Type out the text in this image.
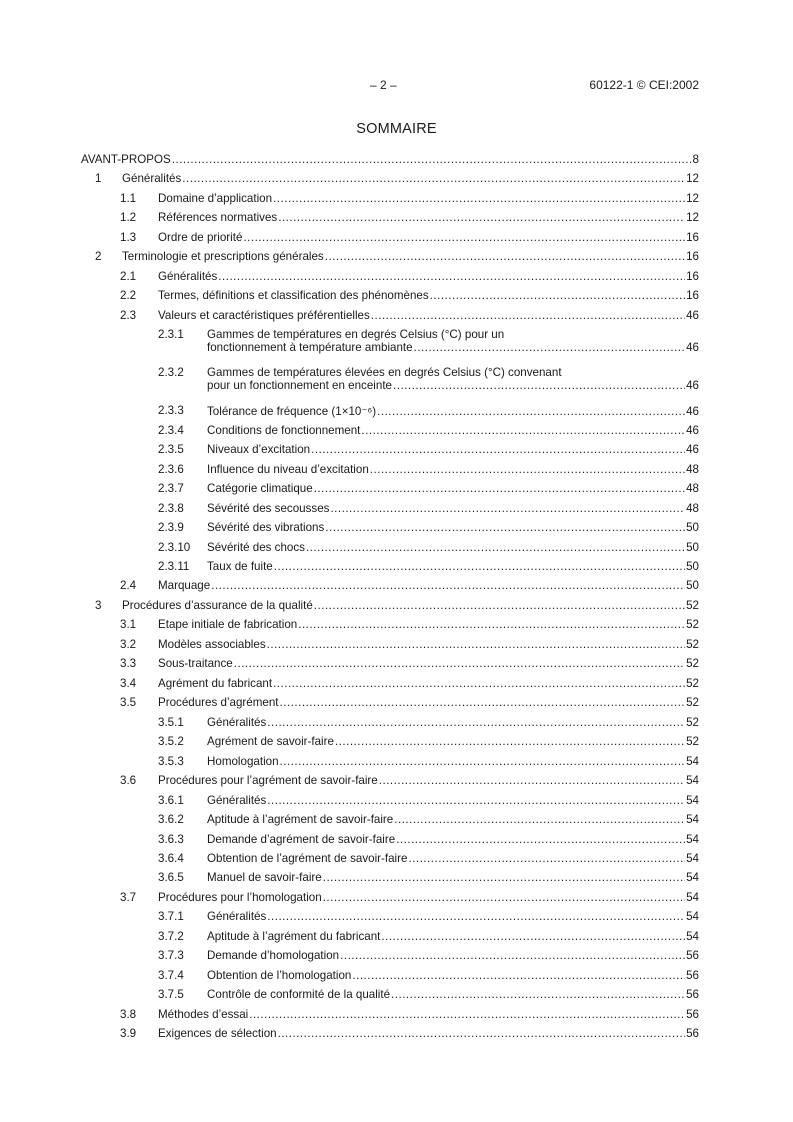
– 2 –	60122-1 © CEI:2002
SOMMAIRE
AVANT-PROPOS .....	8
1 Généralités .....	12
1.1 Domaine d’application .....	12
1.2 Références normatives .....	12
1.3 Ordre de priorité .....	16
2 Terminologie et prescriptions générales .....	16
2.1 Généralités .....	16
2.2 Termes, définitions et classification des phénomènes .....	16
2.3 Valeurs et caractéristiques préférentielles .....	46
2.3.1 Gammes de températures en degrés Celsius (°C) pour un
fonctionnement à température ambiante .....	46
2.3.2 Gammes de températures élevées en degrés Celsius (°C) convenant
pour un fonctionnement en enceinte .....	46
2.3.3 Tolérance de fréquence (1×10⁻⁶) .....	46
2.3.4 Conditions de fonctionnement .....	46
2.3.5 Niveaux d’excitation .....	46
2.3.6 Influence du niveau d’excitation .....	48
2.3.7 Catégorie climatique .....	48
2.3.8 Sévérité des secousses .....	48
2.3.9 Sévérité des vibrations .....	50
2.3.10 Sévérité des chocs .....	50
2.3.11 Taux de fuite .....	50
2.4 Marquage .....	50
3 Procédures d’assurance de la qualité .....	52
3.1 Etape initiale de fabrication .....	52
3.2 Modèles associables .....	52
3.3 Sous-traitance .....	52
3.4 Agrément du fabricant .....	52
3.5 Procédures d’agrément .....	52
3.5.1 Généralités .....	52
3.5.2 Agrément de savoir-faire .....	52
3.5.3 Homologation .....	54
3.6 Procédures pour l’agrément de savoir-faire .....	54
3.6.1 Généralités .....	54
3.6.2 Aptitude à l’agrément de savoir-faire .....	54
3.6.3 Demande d’agrément de savoir-faire .....	54
3.6.4 Obtention de l’agrément de savoir-faire .....	54
3.6.5 Manuel de savoir-faire .....	54
3.7 Procédures pour l’homologation .....	54
3.7.1 Généralités .....	54
3.7.2 Aptitude à l’agrément du fabricant .....	54
3.7.3 Demande d’homologation .....	56
3.7.4 Obtention de l’homologation .....	56
3.7.5 Contrôle de conformité de la qualité .....	56
3.8 Méthodes d’essai .....	56
3.9 Exigences de sélection .....	56
